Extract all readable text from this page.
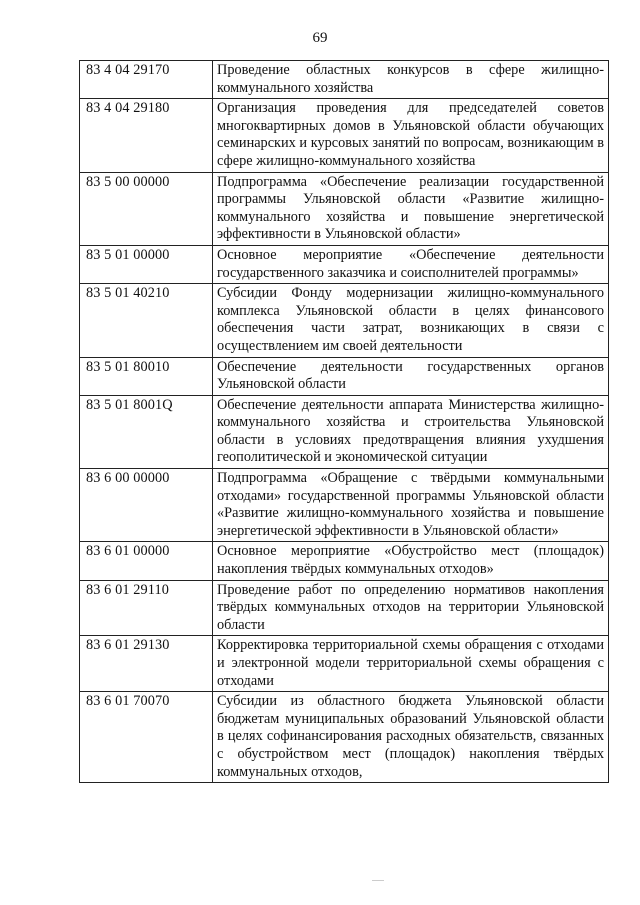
69
83 4 04 29170	Проведение областных конкурсов в сфере жилищно-коммунального хозяйства
83 4 04 29180	Организация проведения для председателей советов многоквартирных домов в Ульяновской области обучающих семинарских и курсовых занятий по вопросам, возникающим в сфере жилищно-коммунального хозяйства
83 5 00 00000	Подпрограмма «Обеспечение реализации государственной программы Ульяновской области «Развитие жилищно-коммунального хозяйства и повышение энергетической эффективности в Ульяновской области»
83 5 01 00000	Основное мероприятие «Обеспечение деятельности государственного заказчика и соисполнителей программы»
83 5 01 40210	Субсидии Фонду модернизации жилищно-коммунального комплекса Ульяновской области в целях финансового обеспечения части затрат, возникающих в связи с осуществлением им своей деятельности
83 5 01 80010	Обеспечение деятельности государственных органов Ульяновской области
83 5 01 8001Q	Обеспечение деятельности аппарата Министерства жилищно-коммунального хозяйства и строительства Ульяновской области в условиях предотвращения влияния ухудшения геополитической и экономической ситуации
83 6 00 00000	Подпрограмма «Обращение с твёрдыми коммунальными отходами» государственной программы Ульяновской области «Развитие жилищно-коммунального хозяйства и повышение энергетической эффективности в Ульяновской области»
83 6 01 00000	Основное мероприятие «Обустройство мест (площадок) накопления твёрдых коммунальных отходов»
83 6 01 29110	Проведение работ по определению нормативов накопления твёрдых коммунальных отходов на территории Ульяновской области
83 6 01 29130	Корректировка территориальной схемы обращения с отходами и электронной модели территориальной схемы обращения с отходами
83 6 01 70070	Субсидии из областного бюджета Ульяновской области бюджетам муниципальных образований Ульяновской области в целях софинансирования расходных обязательств, связанных с обустройством мест (площадок) накопления твёрдых коммунальных отходов,
